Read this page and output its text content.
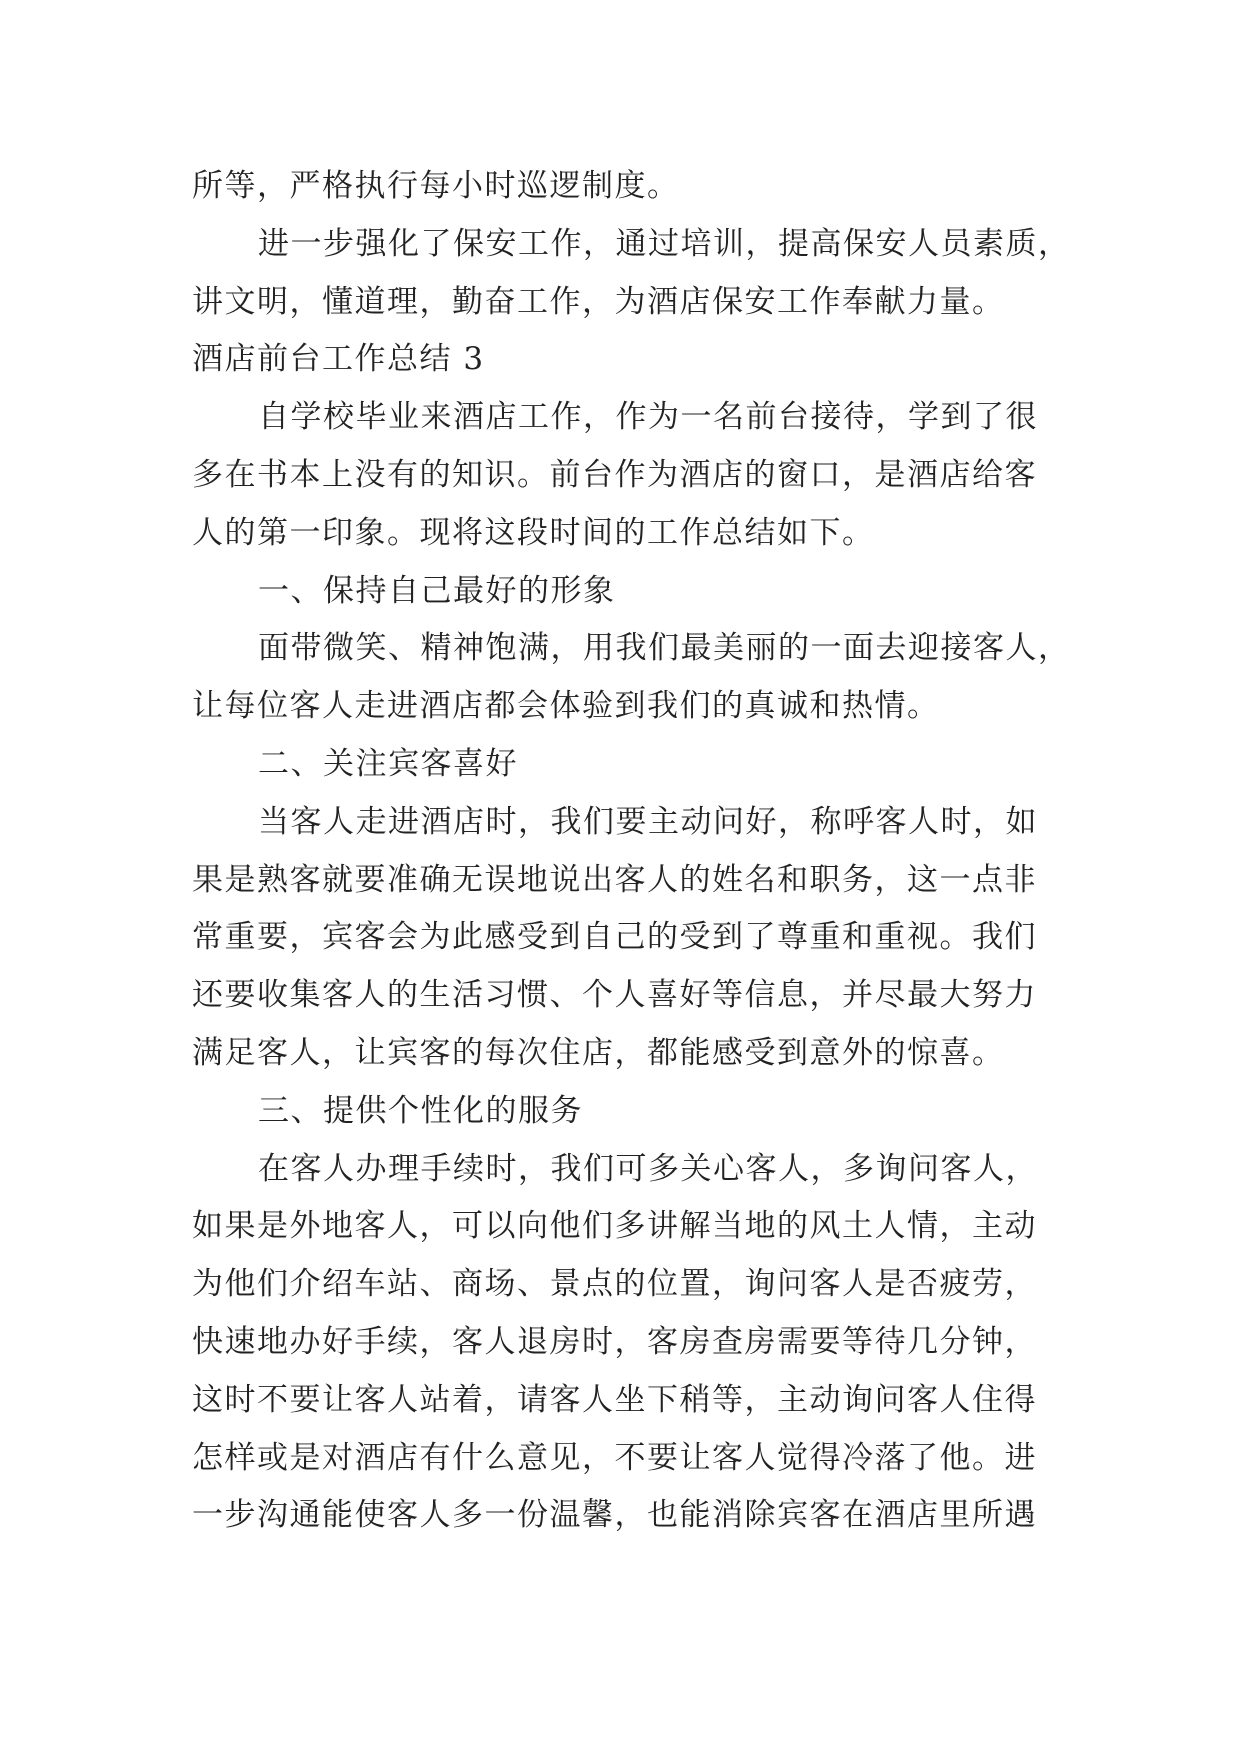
所等，严格执行每小时巡逻制度。
进一步强化了保安工作，通过培训，提高保安人员素质，
讲文明，懂道理，勤奋工作，为酒店保安工作奉献力量。
酒店前台工作总结 3
自学校毕业来酒店工作，作为一名前台接待，学到了很
多在书本上没有的知识。前台作为酒店的窗口，是酒店给客
人的第一印象。现将这段时间的工作总结如下。
一、保持自己最好的形象
面带微笑、精神饱满，用我们最美丽的一面去迎接客人，
让每位客人走进酒店都会体验到我们的真诚和热情。
二、关注宾客喜好
当客人走进酒店时，我们要主动问好，称呼客人时，如
果是熟客就要准确无误地说出客人的姓名和职务，这一点非
常重要，宾客会为此感受到自己的受到了尊重和重视。我们
还要收集客人的生活习惯、个人喜好等信息，并尽最大努力
满足客人，让宾客的每次住店，都能感受到意外的惊喜。
三、提供个性化的服务
在客人办理手续时，我们可多关心客人，多询问客人，
如果是外地客人，可以向他们多讲解当地的风土人情，主动
为他们介绍车站、商场、景点的位置，询问客人是否疲劳，
快速地办好手续，客人退房时，客房查房需要等待几分钟，
这时不要让客人站着，请客人坐下稍等，主动询问客人住得
怎样或是对酒店有什么意见，不要让客人觉得冷落了他。进
一步沟通能使客人多一份温馨，也能消除宾客在酒店里所遇
